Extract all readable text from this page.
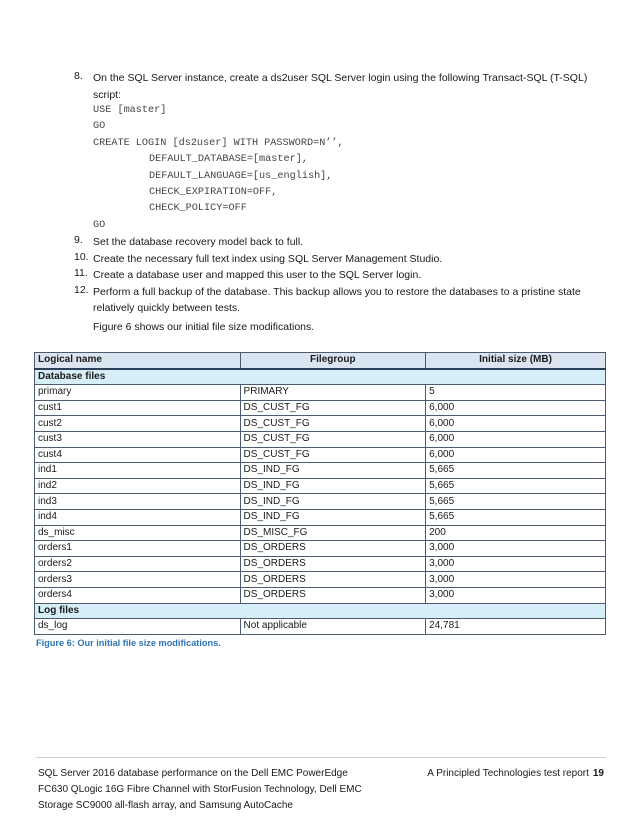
8. On the SQL Server instance, create a ds2user SQL Server login using the following Transact-SQL (T-SQL)
script:
USE [master]
GO
CREATE LOGIN [ds2user] WITH PASSWORD=N’’,
DEFAULT_DATABASE=[master],
DEFAULT_LANGUAGE=[us_english],
CHECK_EXPIRATION=OFF,
CHECK_POLICY=OFF
GO
9. Set the database recovery model back to full.
10. Create the necessary full text index using SQL Server Management Studio.
11. Create a database user and mapped this user to the SQL Server login.
12. Perform a full backup of the database. This backup allows you to restore the databases to a pristine state
relatively quickly between tests.
Figure 6 shows our initial file size modifications.
Logical name	Filegroup	Initial size (MB)
Database files		
primary	PRIMARY	5
cust1	DS_CUST_FG	6,000
cust2	DS_CUST_FG	6,000
cust3	DS_CUST_FG	6,000
cust4	DS_CUST_FG	6,000
ind1	DS_IND_FG	5,665
ind2	DS_IND_FG	5,665
ind3	DS_IND_FG	5,665
ind4	DS_IND_FG	5,665
ds_misc	DS_MISC_FG	200
orders1	DS_ORDERS	3,000
orders2	DS_ORDERS	3,000
orders3	DS_ORDERS	3,000
orders4	DS_ORDERS	3,000
Log files		
ds_log	Not applicable	24,781
Figure 6: Our initial file size modifications.
SQL Server 2016 database performance on the Dell EMC PowerEdge
FC630 QLogic 16G Fibre Channel with StorFusion Technology, Dell EMC
Storage SC9000 all-flash array, and Samsung AutoCache
A Principled Technologies test report 19
